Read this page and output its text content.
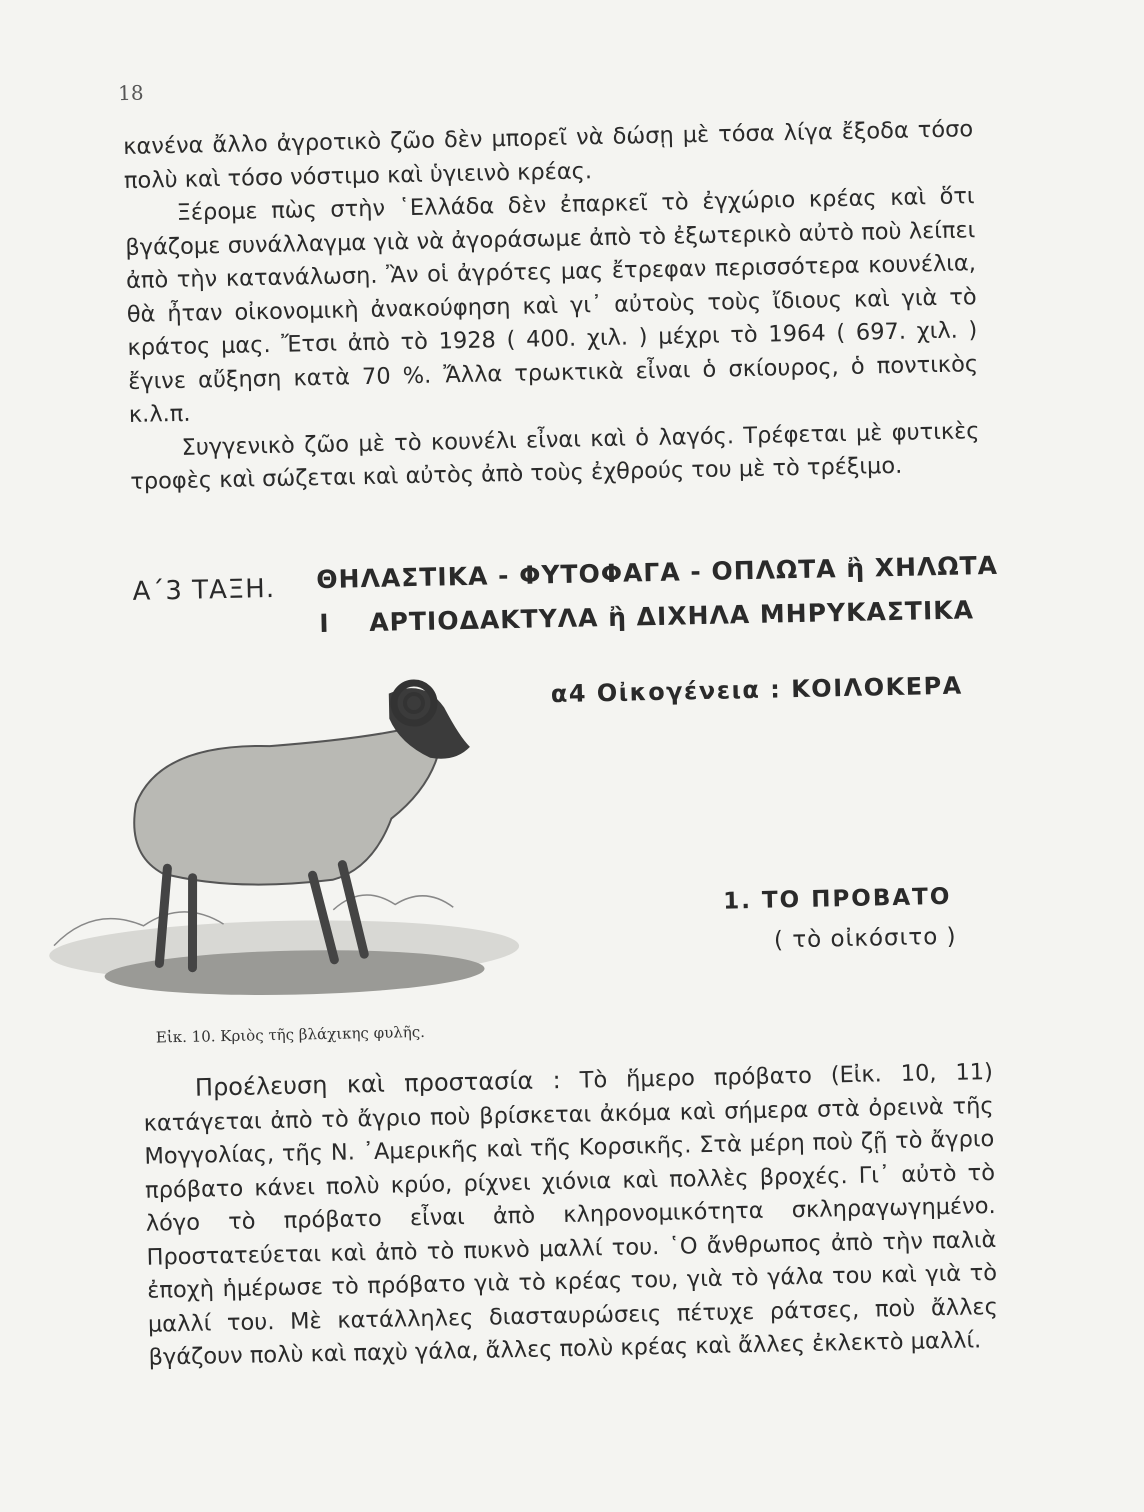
18

κανένα ἄλλο ἀγροτικὸ ζῶο δὲν μπορεῖ νὰ δώσῃ μὲ τόσα λίγα ἔξοδα τόσο πολὺ καὶ τόσο νόστιμο καὶ ὑγιεινὸ κρέας.

Ξέρομε πὼς στὴν ῾Ελλάδα δὲν ἐπαρκεῖ τὸ ἐγχώριο κρέας καὶ ὅτι βγάζομε συνάλλαγμα γιὰ νὰ ἀγοράσωμε ἀπὸ τὸ ἐξωτερικὸ αὐτὸ ποὺ λείπει ἀπὸ τὴν κατανάλωση. Ἂν οἱ ἀγρότες μας ἔτρεφαν περισσότερα κουνέλια, θὰ ἦταν οἰκονομικὴ ἀνακούφηση καὶ γι᾿ αὐτοὺς τοὺς ἴδιους καὶ γιὰ τὸ κράτος μας. Ἔτσι ἀπὸ τὸ 1928 ( 400. χιλ. ) μέχρι τὸ 1964 ( 697. χιλ. ) ἔγινε αὔξηση κατὰ 70 %. Ἄλλα τρωκτικὰ εἶναι ὁ σκίουρος, ὁ ποντικὸς κ.λ.π.

Συγγενικὸ ζῶο μὲ τὸ κουνέλι εἶναι καὶ ὁ λαγός. Τρέφεται μὲ φυτικὲς τροφὲς καὶ σώζεται καὶ αὐτὸς ἀπὸ τοὺς ἐχθρούς του μὲ τὸ τρέξιμο.

Α΄3 ΤΑΞΗ. ΘΗΛΑΣΤΙΚΑ - ΦΥΤΟΦΑΓΑ - ΟΠΛΩΤΑ ἢ ΧΗΛΩΤΑ
Ι ΑΡΤΙΟΔΑΚΤΥΛΑ ἢ ΔΙΧΗΛΑ ΜΗΡΥΚΑΣΤΙΚΑ
α4 Οἰκογένεια : ΚΟΙΛΟΚΕΡΑ
1. ΤΟ ΠΡΟΒΑΤΟ
( τὸ οἰκόσιτο )
Εἰκ. 10. Κριὸς τῆς βλάχικης φυλῆς.

Προέλευση καὶ προστασία : Τὸ ἥμερο πρόβατο (Εἰκ. 10, 11) κατάγεται ἀπὸ τὸ ἄγριο ποὺ βρίσκεται ἀκόμα καὶ σήμερα στὰ ὀρεινὰ τῆς Μογγολίας, τῆς Ν. ᾿Αμερικῆς καὶ τῆς Κορσικῆς. Στὰ μέρη ποὺ ζῇ τὸ ἄγριο πρόβατο κάνει πολὺ κρύο, ρίχνει χιόνια καὶ πολλὲς βροχές. Γι᾿ αὐτὸ τὸ λόγο τὸ πρόβατο εἶναι ἀπὸ κληρονομικότητα σκληραγωγημένο. Προστατεύεται καὶ ἀπὸ τὸ πυκνὸ μαλλί του. ῾Ο ἄνθρωπος ἀπὸ τὴν παλιὰ ἐποχὴ ἡμέρωσε τὸ πρόβατο γιὰ τὸ κρέας του, γιὰ τὸ γάλα του καὶ γιὰ τὸ μαλλί του. Μὲ κατάλληλες διασταυρώσεις πέτυχε ράτσες, ποὺ ἄλλες βγάζουν πολὺ καὶ παχὺ γάλα, ἄλλες πολὺ κρέας καὶ ἄλλες ἐκλεκτὸ μαλλί.
